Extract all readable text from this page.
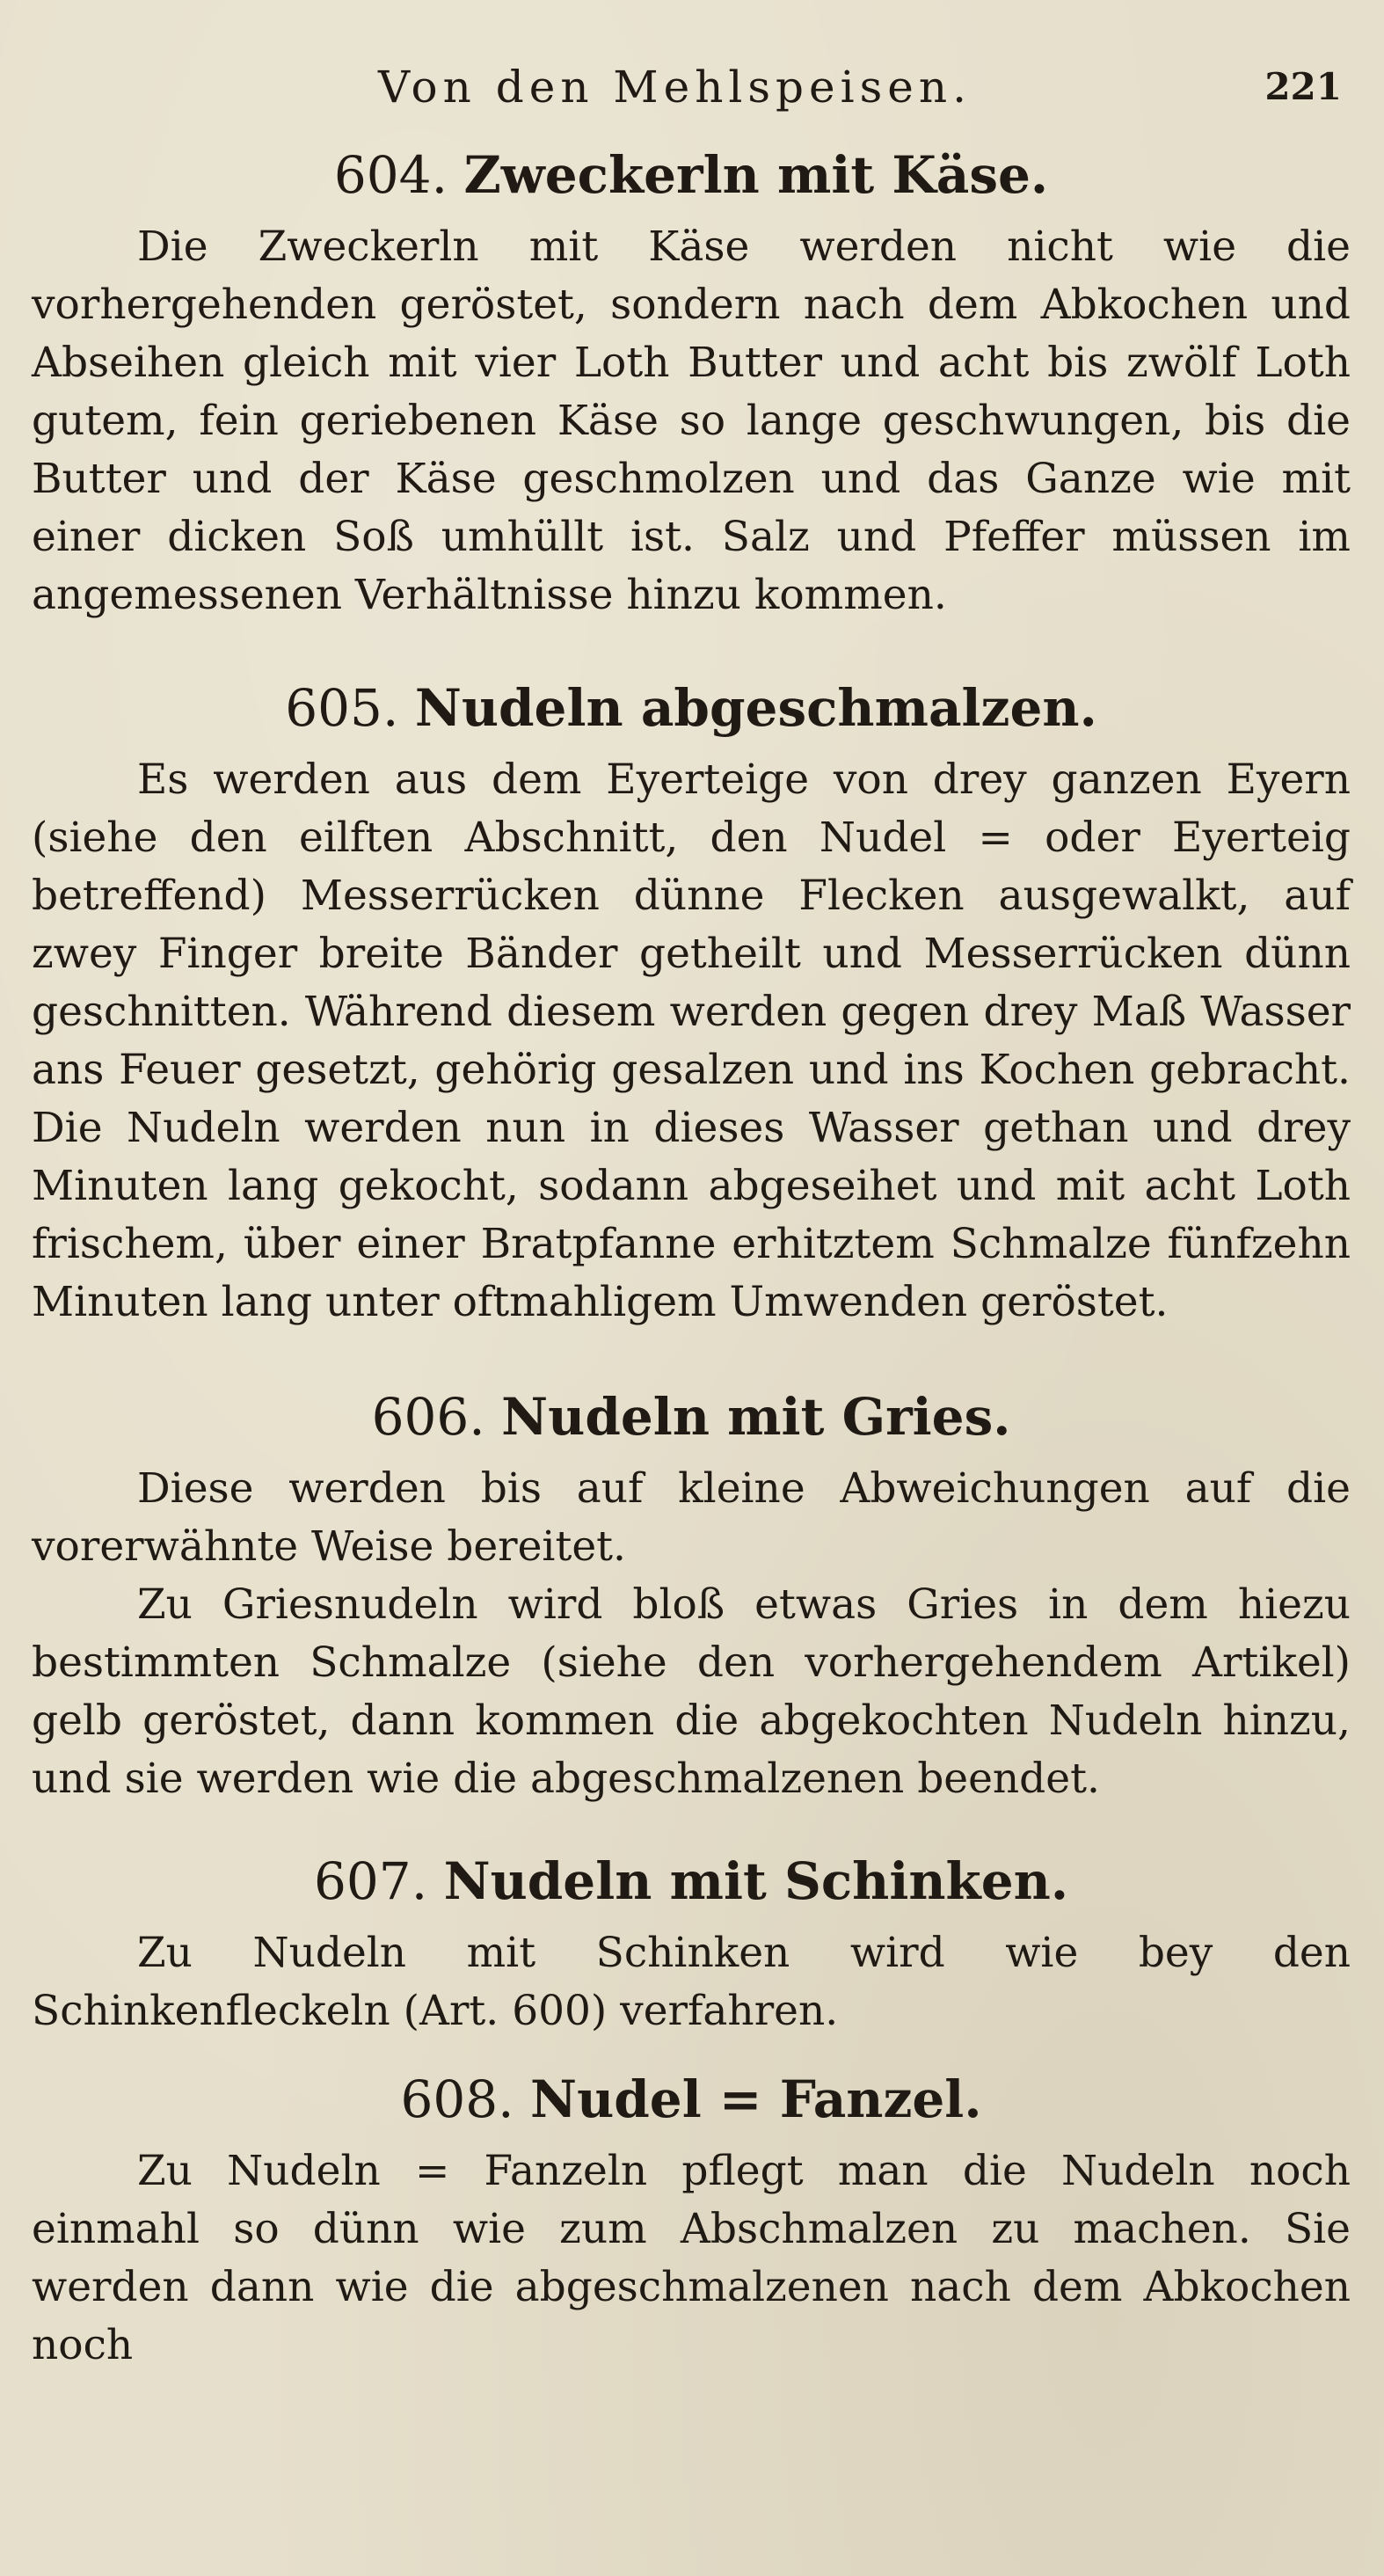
Von den Mehlspeisen.	221
604. Zweckerln mit Käse.

Die Zweckerln mit Käse werden nicht wie die vorhergehenden geröstet, sondern nach dem Abkochen und Abseihen gleich mit vier Loth Butter und acht bis zwölf Loth gutem, fein geriebenen Käse so lange geschwungen, bis die Butter und der Käse geschmolzen und das Ganze wie mit einer dicken Soß umhüllt ist. Salz und Pfeffer müssen im angemessenen Verhältnisse hinzu kommen.

605. Nudeln abgeschmalzen.

Es werden aus dem Eyerteige von drey ganzen Eyern (siehe den eilften Abschnitt, den Nudel = oder Eyerteig betreffend) Messerrücken dünne Flecken ausgewalkt, auf zwey Finger breite Bänder getheilt und Messerrücken dünn geschnitten. Während diesem werden gegen drey Maß Wasser ans Feuer gesetzt, gehörig gesalzen und ins Kochen gebracht. Die Nudeln werden nun in dieses Wasser gethan und drey Minuten lang gekocht, sodann abgeseihet und mit acht Loth frischem, über einer Bratpfanne erhitztem Schmalze fünfzehn Minuten lang unter oftmahligem Umwenden geröstet.

606. Nudeln mit Gries.

Diese werden bis auf kleine Abweichungen auf die vorerwähnte Weise bereitet.

Zu Griesnudeln wird bloß etwas Gries in dem hiezu bestimmten Schmalze (siehe den vorhergehendem Artikel) gelb geröstet, dann kommen die abgekochten Nudeln hinzu, und sie werden wie die abgeschmalzenen beendet.

607. Nudeln mit Schinken.

Zu Nudeln mit Schinken wird wie bey den Schinkenfleckeln (Art. 600) verfahren.

608. Nudel = Fanzel.

Zu Nudeln = Fanzeln pflegt man die Nudeln noch einmahl so dünn wie zum Abschmalzen zu machen. Sie werden dann wie die abgeschmalzenen nach dem Abkochen noch
